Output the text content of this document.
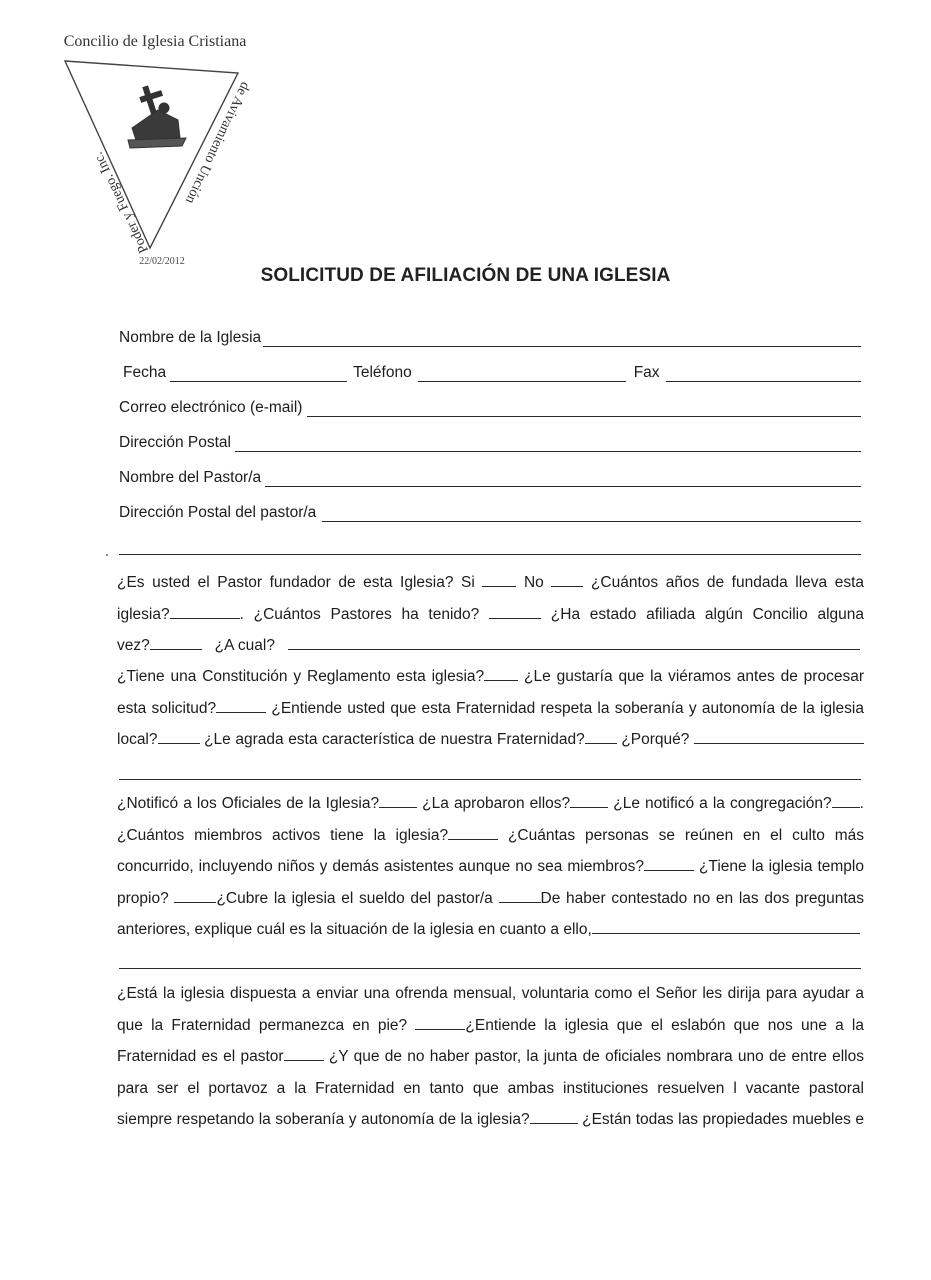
Concilio de Iglesia Cristiana
Poder y Fuego. Inc.
de Avivamiento Unción
22/02/2012
SOLICITUD DE AFILIACIÓN DE UNA IGLESIA
Nombre de la Iglesia
Fecha	Teléfono	Fax
Correo electrónico (e-mail)
Dirección Postal
Nombre del Pastor/a
Dirección Postal del pastor/a
¿Es usted el Pastor fundador de esta Iglesia? Si	No	¿Cuántos años de fundada lleva esta
iglesia?	. ¿Cuántos Pastores ha tenido?	¿Ha estado afiliada algún Concilio alguna
vez?	¿A cual?
¿Tiene una Constitución y Reglamento esta iglesia?	¿Le gustaría que la viéramos antes de procesar
esta solicitud?	¿Entiende usted que esta Fraternidad respeta la soberanía y autonomía de la iglesia
local?	¿Le agrada esta característica de nuestra Fraternidad? ¿Porqué?
¿Notificó a los Oficiales de la Iglesia?	¿La aprobaron ellos?	¿Le notificó a la congregación? .
¿Cuántos miembros activos tiene la iglesia?	¿Cuántas personas se reúnen en el culto más
concurrido, incluyendo niños y demás asistentes aunque no sea miembros?	¿Tiene la iglesia templo
propio?	¿Cubre la iglesia el sueldo del pastor/a	De haber contestado no en las dos preguntas
anteriores, explique cuál es la situación de la iglesia en cuanto a ello,
¿Está la iglesia dispuesta a enviar una ofrenda mensual, voluntaria como el Señor les dirija para ayudar a
que la Fraternidad permanezca en pie?	¿Entiende la iglesia que el eslabón que nos une a la
Fraternidad es el pastor	¿Y que de no haber pastor, la junta de oficiales nombrara uno de entre ellos
para ser el portavoz a la Fraternidad en tanto que ambas instituciones resuelven l vacante pastoral
siempre respetando la soberanía y autonomía de la iglesia?	¿Están todas las propiedades muebles e
